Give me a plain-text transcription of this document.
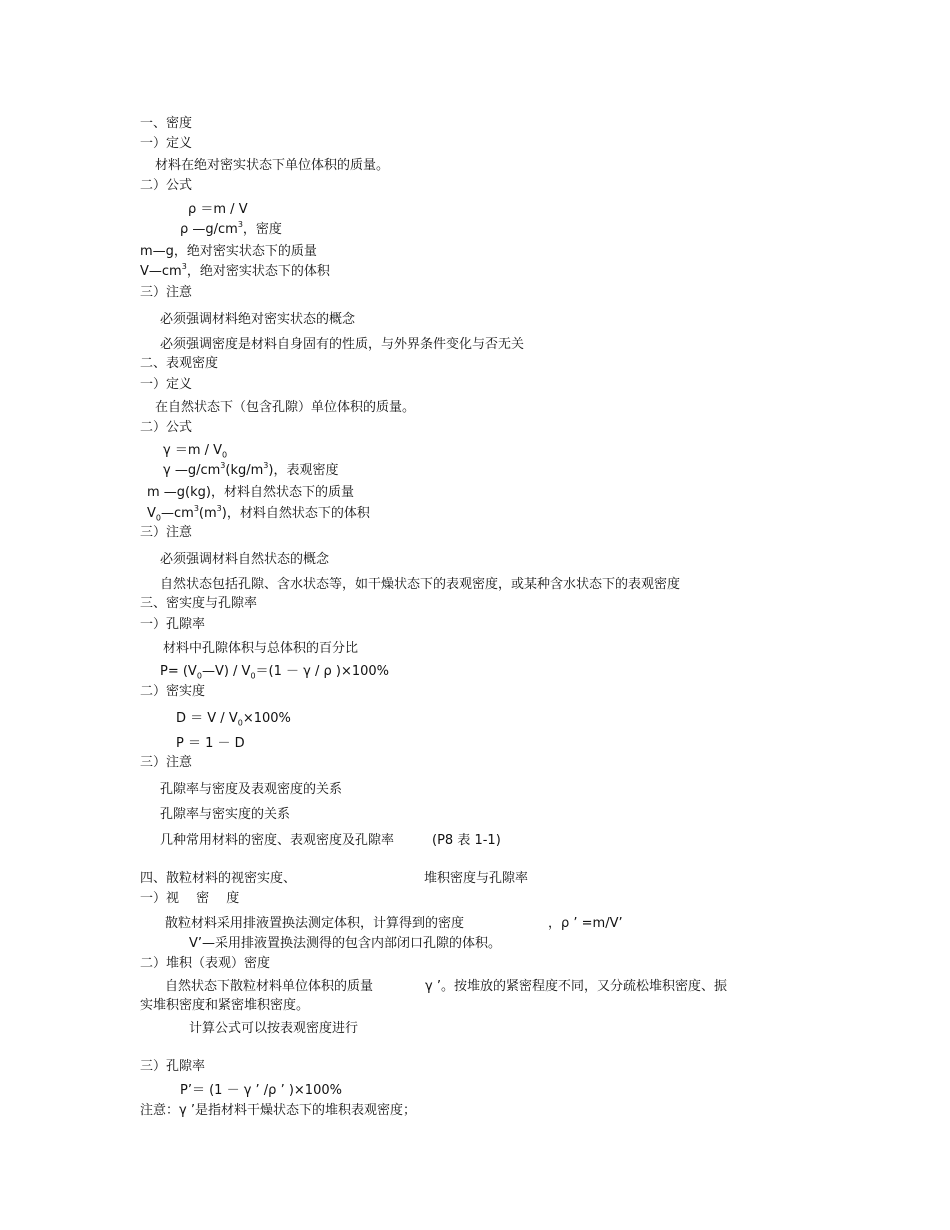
一、密度
一）定义
材料在绝对密实状态下单位体积的质量。
二）公式
ρ ＝m / V
ρ $—g/cm^3$，密度
m—g，绝对密实状态下的质量
$V—cm^3$，绝对密实状态下的体积
三）注意
必须强调材料绝对密实状态的概念
必须强调密度是材料自身固有的性质，与外界条件变化与否无关
二、表观密度
一）定义
在自然状态下（包含孔隙）单位体积的质量。
二）公式
$\gamma =m / V_0$
γ $—g/cm^3(kg/m^3)$，表观密度
m —g(kg)，材料自然状态下的质量
$V_0—cm^3(m^3)$，材料自然状态下的体积
三）注意
必须强调材料自然状态的概念
自然状态包括孔隙、含水状态等，如干燥状态下的表观密度，或某种含水状态下的表观密度
三、密实度与孔隙率
一）孔隙率
材料中孔隙体积与总体积的百分比
$P= (V_0—V) / V_0=(1 - \gamma / \rho$ )×100%
二）密实度
$D = V / V_0\times 100\%$
P ＝ 1 － D
三）注意
孔隙率与密度及表观密度的关系
孔隙率与密实度的关系
几种常用材料的密度、表观密度及孔隙率	(P8 表 1-1)
四、散粒材料的视密实度、	堆积密度与孔隙率
一）视　 密　 度
散粒材料采用排液置换法测定体积，计算得到的密度	，ρ ’ =m/V’
V’—采用排液置换法测得的包含内部闭口孔隙的体积。
二）堆积（表观）密度
自然状态下散粒材料单位体积的质量	γ ’。按堆放的紧密程度不同，又分疏松堆积密度、振
实堆积密度和紧密堆积密度。
计算公式可以按表观密度进行
三）孔隙率
P’＝ (1 － γ ’ /ρ ’ )×100%
注意：γ ’是指材料干燥状态下的堆积表观密度；
